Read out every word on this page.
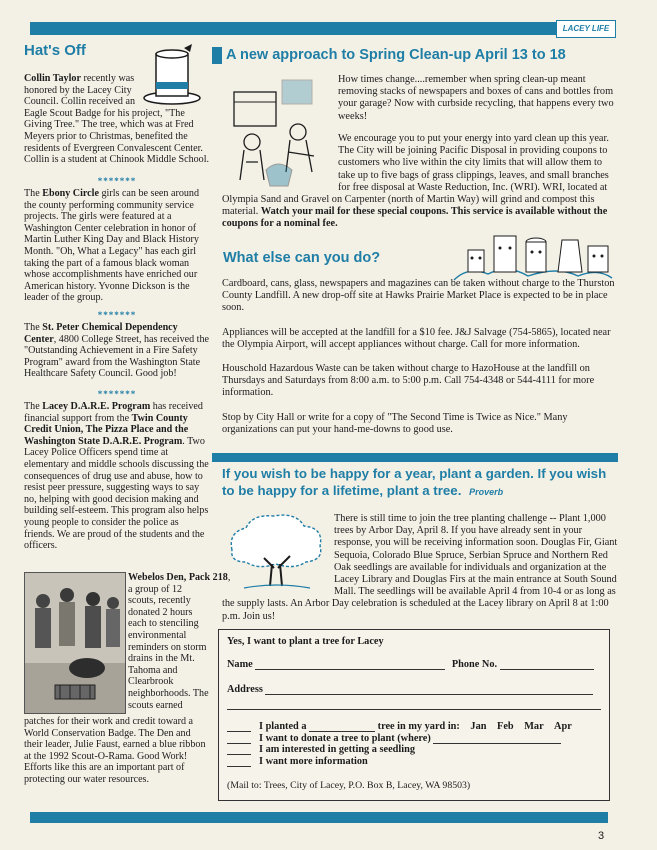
LACEY LIFE
Hat's Off

Collin Taylor recently was honored by the Lacey City Council. Collin received an Eagle Scout Badge for his project, "The Giving Tree." The tree, which was at Fred Meyers prior to Christmas, benefited the residents of Evergreen Convalescent Center. Collin is a student at Chinook Middle School.

*******

The Ebony Circle girls can be seen around the county performing community service projects. The girls were featured at a Washington Center celebration in honor of Martin Luther King Day and Black History Month. "Oh, What a Legacy" has each girl taking the part of a famous black woman whose accomplishments have enriched our American history. Yvonne Dickson is the leader of the group.

*******

The St. Peter Chemical Dependency Center, 4800 College Street, has received the "Outstanding Achievement in a Fire Safety Program" award from the Washington State Healthcare Safety Council. Good job!

*******

The Lacey D.A.R.E. Program has received financial support from the Twin County Credit Union, The Pizza Place and the Washington State D.A.R.E. Program. Two Lacey Police Officers spend time at elementary and middle schools discussing the consequences of drug use and abuse, how to resist peer pressure, suggesting ways to say no, helping with good decision making and building self-esteem. This program also helps young people to consider the police as friends. We are proud of the students and the officers.

Webelos Den, Pack 218, a group of 12 scouts, recently donated 2 hours each to stenciling environmental reminders on storm drains in the Mt. Tahoma and Clearbrook neighborhoods. The scouts earned

patches for their work and credit toward a World Conservation Badge. The Den and their leader, Julie Faust, earned a blue ribbon at the 1992 Scout-O-Rama. Good Work! Efforts like this are an important part of protecting our water resources.

A new approach to Spring Clean-up April 13 to 18

How times change....remember when spring clean-up meant removing stacks of newspapers and boxes of cans and bottles from your garage? Now with curbside recycling, that happens every two weeks!

We encourage you to put your energy into yard clean up this year. The City will be joining Pacific Disposal in providing coupons to customers who live within the city limits that will allow them to take up to five bags of grass clippings, leaves, and small branches for free disposal at Waste Reduction, Inc. (WRI). WRI, located at Olympia Sand and Gravel on Carpenter (north of Martin Way) will grind and compost this material. Watch your mail for these special coupons. This service is available without the coupons for a nominal fee.

What else can you do?

Cardboard, cans, glass, newspapers and magazines can be taken without charge to the Thurston County Landfill. A new drop-off site at Hawks Prairie Market Place is expected to be in place soon.

Appliances will be accepted at the landfill for a $10 fee. J&J Salvage (754-5865), located near the Olympia Airport, will accept appliances without charge. Call for more information.

Houschold Hazardous Waste can be taken without charge to HazoHouse at the landfill on Thursdays and Saturdays from 8:00 a.m. to 5:00 p.m. Call 754-4348 or 544-4111 for more information.

Stop by City Hall or write for a copy of "The Second Time is Twice as Nice." Many organizations can put your hand-me-downs to good use.

If you wish to be happy for a year, plant a garden. If you wish to be happy for a lifetime, plant a tree. Proverb

There is still time to join the tree planting challenge -- Plant 1,000 trees by Arbor Day, April 8. If you have already sent in your response, you will be receiving information soon. Douglas Fir, Giant Sequoia, Colorado Blue Spruce, Serbian Spruce and Northern Red Oak seedlings are available for individuals and organization at the Lacey Library and Douglas Firs at the main entrance at South Sound Mall. The seedlings will be available April 4 from 10-4 or as long as the supply lasts. An Arbor Day celebration is scheduled at the Lacey library on April 8 at 1:00 p.m. Join us!

Yes, I want to plant a tree for Lacey
Name	Phone No.
Address
I planted a	tree in my yard in: Jan Feb Mar Apr
I want to donate a tree to plant (where)
I am interested in getting a seedling
I want more information
(Mail to: Trees, City of Lacey, P.O. Box B, Lacey, WA 98503)
3
